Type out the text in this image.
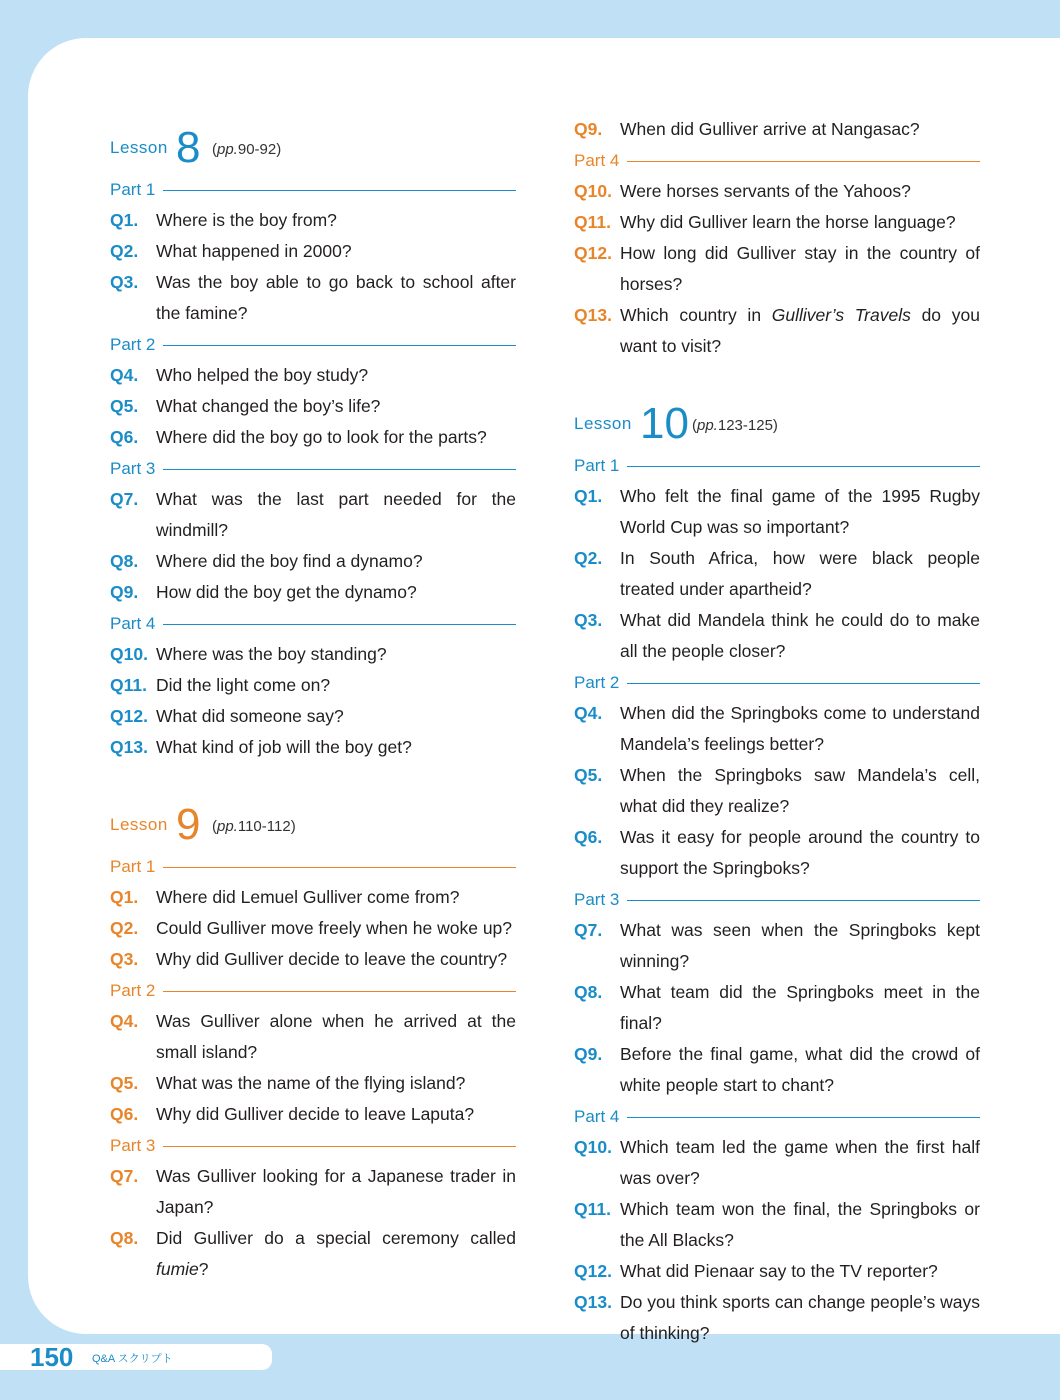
Lesson 8 (pp.90-92)
Part 1
Q1.	Where is the boy from?
Q2.	What happened in 2000?
Q3.	Was the boy able to go back to school after the famine?
Part 2
Q4.	Who helped the boy study?
Q5.	What changed the boy’s life?
Q6.	Where did the boy go to look for the parts?
Part 3
Q7.	What was the last part needed for the windmill?
Q8.	Where did the boy find a dynamo?
Q9.	How did the boy get the dynamo?
Part 4
Q10. Where was the boy standing?
Q11. Did the light come on?
Q12. What did someone say?
Q13. What kind of job will the boy get?
Lesson 9 (pp.110-112)
Part 1
Q1.	Where did Lemuel Gulliver come from?
Q2.	Could Gulliver move freely when he woke up?
Q3.	Why did Gulliver decide to leave the country?
Part 2
Q4.	Was Gulliver alone when he arrived at the small island?
Q5.	What was the name of the flying island?
Q6.	Why did Gulliver decide to leave Laputa?
Part 3
Q7.	Was Gulliver looking for a Japanese trader in Japan?
Q8.	Did Gulliver do a special ceremony called fumie?
Q9.	When did Gulliver arrive at Nangasac?
Part 4
Q10. Were horses servants of the Yahoos?
Q11. Why did Gulliver learn the horse language?
Q12. How long did Gulliver stay in the country of horses?
Q13. Which country in Gulliver’s Travels do you want to visit?
Lesson 10 (pp.123-125)
Part 1
Q1.	Who felt the final game of the 1995 Rugby World Cup was so important?
Q2.	In South Africa, how were black people treated under apartheid?
Q3.	What did Mandela think he could do to make all the people closer?
Part 2
Q4.	When did the Springboks come to understand Mandela’s feelings better?
Q5.	When the Springboks saw Mandela’s cell, what did they realize?
Q6.	Was it easy for people around the country to support the Springboks?
Part 3
Q7.	What was seen when the Springboks kept winning?
Q8.	What team did the Springboks meet in the final?
Q9.	Before the final game, what did the crowd of white people start to chant?
Part 4
Q10. Which team led the game when the first half was over?
Q11. Which team won the final, the Springboks or the All Blacks?
Q12. What did Pienaar say to the TV reporter?
Q13. Do you think sports can change people’s ways of thinking?
150 Q&A スクリプト
